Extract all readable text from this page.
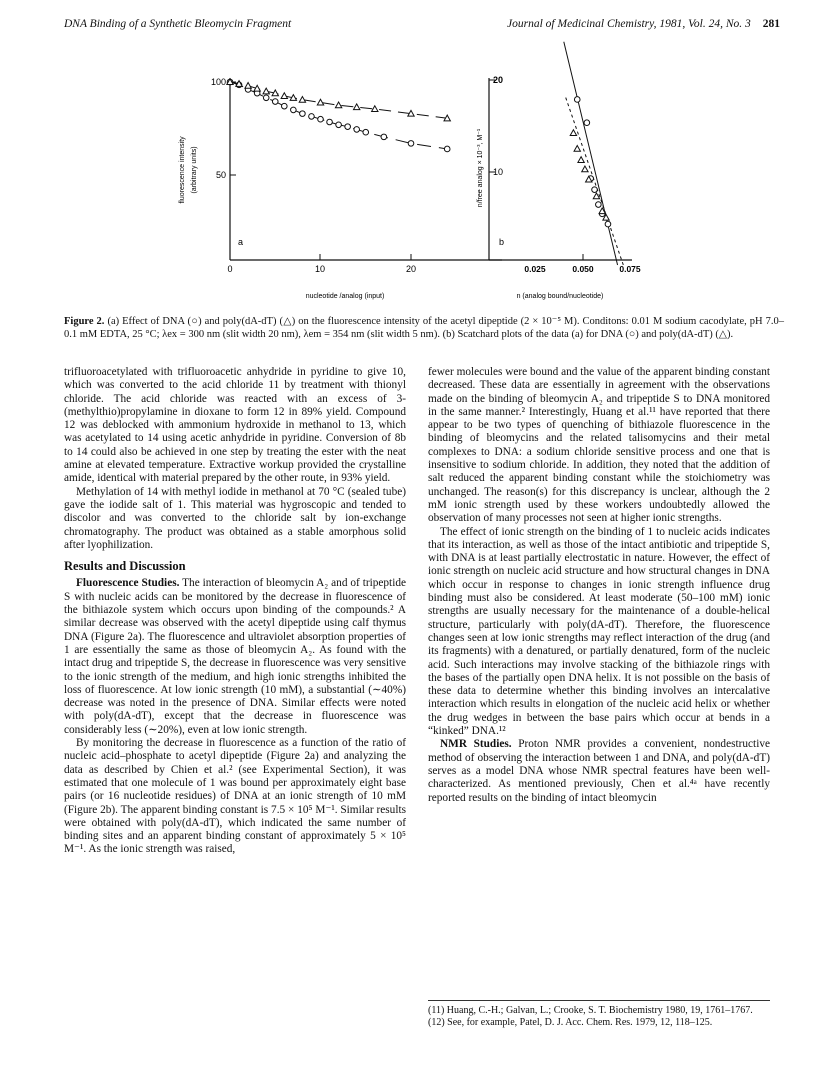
DNA Binding of a Synthetic Bleomycin Fragment	Journal of Medicinal Chemistry, 1981, Vol. 24, No. 3 281
100
50
0	10	20
a
fluorescence intensity (arbitrary units)
nucleotide /analog (input)
20
10
0.025	0.050	0.075
b
n/free analog × 10⁻³, M⁻¹
n (analog bound/nucleotide)
Figure 2. (a) Effect of DNA (○) and poly(dA-dT) (△) on the fluorescence intensity of the acetyl dipeptide (2 × 10⁻⁵ M). Conditons: 0.01 M sodium cacodylate, pH 7.0–0.1 mM EDTA, 25 °C; λex = 300 nm (slit width 20 nm), λem = 354 nm (slit width 5 nm). (b) Scatchard plots of the data (a) for DNA (○) and poly(dA-dT) (△).

trifluoroacetylated with trifluoroacetic anhydride in pyridine to give 10, which was converted to the acid chloride 11 by treatment with thionyl chloride. The acid chloride was reacted with an excess of 3-(methylthio)propylamine in dioxane to form 12 in 89% yield. Compound 12 was deblocked with ammonium hydroxide in methanol to 13, which was acetylated to 14 using acetic anhydride in pyridine. Conversion of 8b to 14 could also be achieved in one step by treating the ester with the neat amine at elevated temperature. Extractive workup provided the crystalline amide, identical with material prepared by the other route, in 93% yield.

Methylation of 14 with methyl iodide in methanol at 70 °C (sealed tube) gave the iodide salt of 1. This material was hygroscopic and tended to discolor and was converted to the chloride salt by ion-exchange chromatography. The product was obtained as a stable amorphous solid after lyophilization.

Results and Discussion

Fluorescence Studies. The interaction of bleomycin A₂ and of tripeptide S with nucleic acids can be monitored by the decrease in fluorescence of the bithiazole system which occurs upon binding of the compounds.² A similar decrease was observed with the acetyl dipeptide using calf thymus DNA (Figure 2a). The fluorescence and ultraviolet absorption properties of 1 are essentially the same as those of bleomycin A₂. As found with the intact drug and tripeptide S, the decrease in fluorescence was very sensitive to the ionic strength of the medium, and high ionic strengths inhibited the loss of fluorescence. At low ionic strength (10 mM), a substantial (∼40%) decrease was noted in the presence of DNA. Similar effects were noted with poly(dA-dT), except that the decrease in fluorescence was considerably less (∼20%), even at low ionic strength.

By monitoring the decrease in fluorescence as a function of the ratio of nucleic acid–phosphate to acetyl dipeptide (Figure 2a) and analyzing the data as described by Chien et al.² (see Experimental Section), it was estimated that one molecule of 1 was bound per approximately eight base pairs (or 16 nucleotide residues) of DNA at an ionic strength of 10 mM (Figure 2b). The apparent binding constant is 7.5 × 10⁵ M⁻¹. Similar results were obtained with poly(dA-dT), which indicated the same number of binding sites and an apparent binding constant of approximately 5 × 10⁵ M⁻¹. As the ionic strength was raised,

fewer molecules were bound and the value of the apparent binding constant decreased. These data are essentially in agreement with the observations made on the binding of bleomycin A₂ and tripeptide S to DNA monitored in the same manner.² Interestingly, Huang et al.¹¹ have reported that there appear to be two types of quenching of bithiazole fluorescence in the binding of bleomycins and the related talisomycins and their metal complexes to DNA: a sodium chloride sensitive process and one that is insensitive to sodium chloride. In addition, they noted that the addition of salt reduced the apparent binding constant while the stoichiometry was unchanged. The reason(s) for this discrepancy is unclear, although the 2 mM ionic strength used by these workers undoubtedly allowed the observation of many processes not seen at higher ionic strengths.

The effect of ionic strength on the binding of 1 to nucleic acids indicates that its interaction, as well as those of the intact antibiotic and tripeptide S, with DNA is at least partially electrostatic in nature. However, the effect of ionic strength on nucleic acid structure and how structural changes in DNA which occur in response to changes in ionic strength influence drug binding must also be considered. At least moderate (50–100 mM) ionic strengths are usually necessary for the maintenance of a double-helical structure, particularly with poly(dA-dT). Therefore, the fluorescence changes seen at low ionic strengths may reflect interaction of the drug (and its fragments) with a denatured, or partially denatured, form of the nucleic acid. Such interactions may involve stacking of the bithiazole rings with the bases of the partially open DNA helix. It is not possible on the basis of these data to determine whether this binding involves an intercalative interaction which results in elongation of the nucleic acid helix or whether the drug wedges in between the base pairs which occur at bends in a “kinked” DNA.¹²

NMR Studies. Proton NMR provides a convenient, nondestructive method of observing the interaction between 1 and DNA, and poly(dA-dT) serves as a model DNA whose NMR spectral features have been well-characterized. As mentioned previously, Chen et al.⁴ᵃ have recently reported results on the binding of intact bleomycin

(11) Huang, C.-H.; Galvan, L.; Crooke, S. T. Biochemistry 1980, 19, 1761–1767.
(12) See, for example, Patel, D. J. Acc. Chem. Res. 1979, 12, 118–125.
